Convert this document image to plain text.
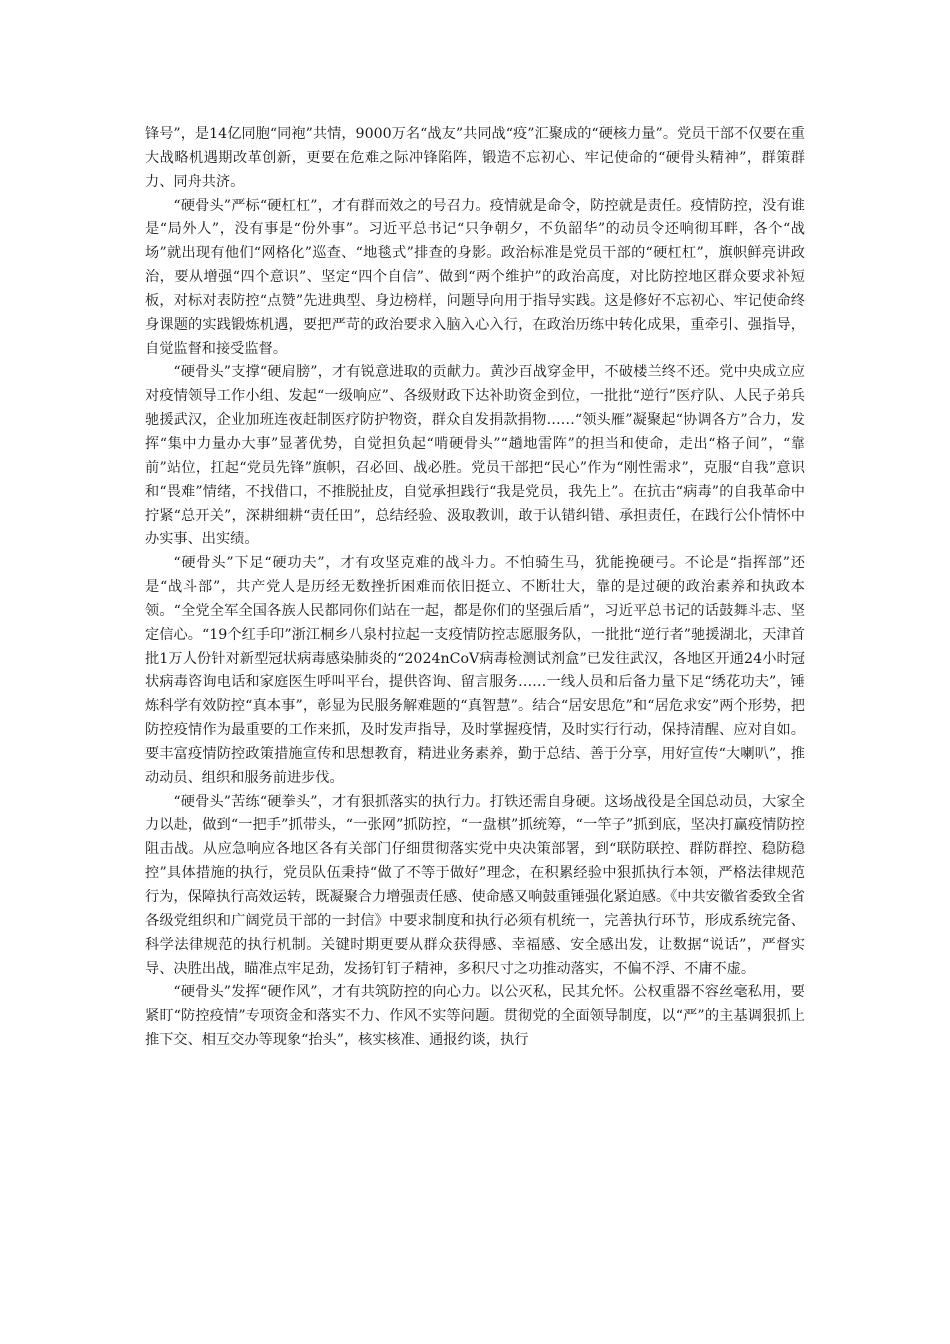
锋号”，是14亿同胞“同袍”共情，9000万名“战友”共同战“疫”汇聚成的“硬核力量”。党员干部不仅要在重大战略机遇期改革创新，更要在危难之际冲锋陷阵，锻造不忘初心、牢记使命的“硬骨头精神”，群策群力、同舟共济。

“硬骨头”严标“硬杠杠”，才有群而效之的号召力。疫情就是命令，防控就是责任。疫情防控，没有谁是“局外人”，没有事是“份外事”。习近平总书记“只争朝夕，不负韶华”的动员令还响彻耳畔，各个“战场”就出现有他们“网格化”巡查、“地毯式”排查的身影。政治标准是党员干部的“硬杠杠”，旗帜鲜亮讲政治，要从增强“四个意识”、坚定“四个自信”、做到“两个维护”的政治高度，对比防控地区群众要求补短板，对标对表防控“点赞”先进典型、身边榜样，问题导向用于指导实践。这是修好不忘初心、牢记使命终身课题的实践锻炼机遇，要把严苛的政治要求入脑入心入行，在政治历练中转化成果，重牵引、强指导，自觉监督和接受监督。

“硬骨头”支撑“硬肩膀”，才有锐意进取的贡献力。黄沙百战穿金甲，不破楼兰终不还。党中央成立应对疫情领导工作小组、发起“一级响应”、各级财政下达补助资金到位，一批批“逆行”医疗队、人民子弟兵驰援武汉，企业加班连夜赶制医疗防护物资，群众自发捐款捐物……“领头雁”凝聚起“协调各方”合力，发挥“集中力量办大事”显著优势，自觉担负起“啃硬骨头”“趟地雷阵”的担当和使命，走出“格子间”，“靠前”站位，扛起“党员先锋”旗帜，召必回、战必胜。党员干部把“民心”作为“刚性需求”，克服“自我”意识和“畏难”情绪，不找借口，不推脱扯皮，自觉承担践行“我是党员，我先上”。在抗击“病毒”的自我革命中拧紧“总开关”，深耕细耕“责任田”，总结经验、汲取教训，敢于认错纠错、承担责任，在践行公仆情怀中办实事、出实绩。

“硬骨头”下足“硬功夫”，才有攻坚克难的战斗力。不怕骑生马，犹能挽硬弓。不论是“指挥部”还是“战斗部”，共产党人是历经无数挫折困难而依旧挺立、不断壮大，靠的是过硬的政治素养和执政本领。“全党全军全国各族人民都同你们站在一起，都是你们的坚强后盾”，习近平总书记的话鼓舞斗志、坚定信心。“19个红手印”浙江桐乡八泉村拉起一支疫情防控志愿服务队，一批批“逆行者”驰援湖北，天津首批1万人份针对新型冠状病毒感染肺炎的“2024nCoV病毒检测试剂盒”已发往武汉，各地区开通24小时冠状病毒咨询电话和家庭医生呼叫平台，提供咨询、留言服务……一线人员和后备力量下足“绣花功夫”，锤炼科学有效防控“真本事”，彰显为民服务解难题的“真智慧”。结合“居安思危”和“居危求安”两个形势，把防控疫情作为最重要的工作来抓，及时发声指导，及时掌握疫情，及时实行行动，保持清醒、应对自如。要丰富疫情防控政策措施宣传和思想教育，精进业务素养，勤于总结、善于分享，用好宣传“大喇叭”，推动动员、组织和服务前进步伐。

“硬骨头”苦练“硬拳头”，才有狠抓落实的执行力。打铁还需自身硬。这场战役是全国总动员，大家全力以赴，做到“一把手”抓带头，“一张网”抓防控，“一盘棋”抓统筹，“一竿子”抓到底，坚决打赢疫情防控阻击战。从应急响应各地区各有关部门仔细贯彻落实党中央决策部署，到“联防联控、群防群控、稳防稳控”具体措施的执行，党员队伍秉持“做了不等于做好”理念，在积累经验中狠抓执行本领，严格法律规范行为，保障执行高效运转，既凝聚合力增强责任感、使命感又响鼓重锤强化紧迫感。《中共安徽省委致全省各级党组织和广阔党员干部的一封信》中要求制度和执行必须有机统一，完善执行环节，形成系统完备、科学法律规范的执行机制。关键时期更要从群众获得感、幸福感、安全感出发，让数据“说话”，严督实导、决胜出战，瞄准点牢足劲，发扬钉钉子精神，多积尺寸之功推动落实，不偏不浮、不庸不虚。

“硬骨头”发挥“硬作风”，才有共筑防控的向心力。以公灭私，民其允怀。公权重器不容丝毫私用，要紧盯“防控疫情”专项资金和落实不力、作风不实等问题。贯彻党的全面领导制度，以“严”的主基调狠抓上推下交、相互交办等现象“抬头”，核实核准、通报约谈，执行
